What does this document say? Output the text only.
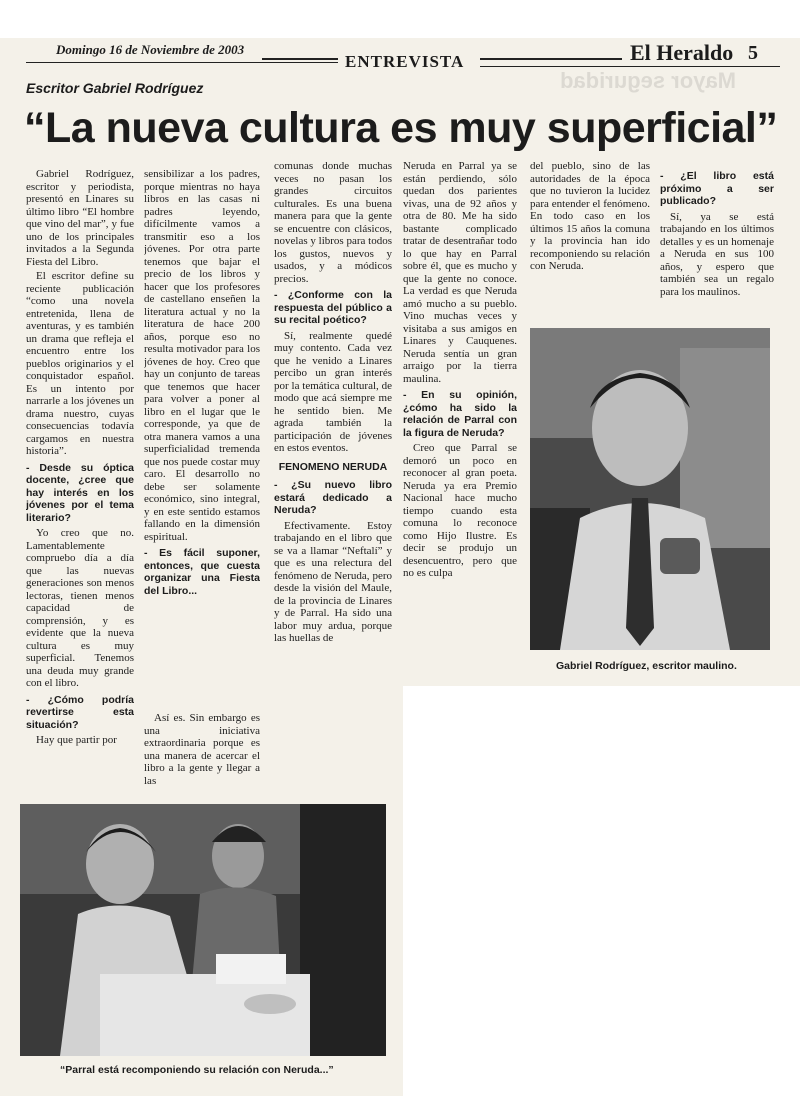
Mayor seguridad
Domingo 16 de Noviembre de 2003
ENTREVISTA	El Heraldo 5
Escritor Gabriel Rodríguez
“La nueva cultura es muy superficial”

Gabriel Rodríguez, escritor y periodista, presentó en Linares su último libro “El hombre que vino del mar”, y fue uno de los principales invitados a la Segunda Fiesta del Libro.

El escritor define su reciente publicación “como una novela entretenida, llena de aventuras, y es también un drama que refleja el encuentro entre los pueblos originarios y el conquistador español. Es un intento por narrarle a los jóvenes un drama nuestro, cuyas consecuencias todavía cargamos en nuestra historia”.

- Desde su óptica docente, ¿cree que hay interés en los jóvenes por el tema literario?

Yo creo que no. Lamentablemente compruebo día a día que las nuevas generaciones son menos lectoras, tienen menos capacidad de comprensión, y es evidente que la nueva cultura es muy superficial. Tenemos una deuda muy grande con el libro.

- ¿Cómo podría revertirse esta situación?

Hay que partir por

sensibilizar a los padres, porque mientras no haya libros en las casas ni padres leyendo, difícilmente vamos a transmitir eso a los jóvenes. Por otra parte tenemos que bajar el precio de los libros y hacer que los profesores de castellano enseñen la literatura actual y no la literatura de hace 200 años, porque eso no resulta motivador para los jóvenes de hoy. Creo que hay un conjunto de tareas que tenemos que hacer para volver a poner al libro en el lugar que le corresponde, ya que de otra manera vamos a una superficialidad tremenda que nos puede costar muy caro. El desarrollo no debe ser solamente económico, sino integral, y en este sentido estamos fallando en la dimensión espiritual.

- Es fácil suponer, entonces, que cuesta organizar una Fiesta del Libro...

Así es. Sin embargo es una iniciativa extraordinaria porque es una manera de acercar el libro a la gente y llegar a las

comunas donde muchas veces no pasan los grandes circuitos culturales. Es una buena manera para que la gente se encuentre con clásicos, novelas y libros para todos los gustos, nuevos y usados, y a módicos precios.

- ¿Conforme con la respuesta del público a su recital poético?

Sí, realmente quedé muy contento. Cada vez que he venido a Linares percibo un gran interés por la temática cultural, de modo que acá siempre me he sentido bien. Me agrada también la participación de jóvenes en estos eventos.

FENOMENO NERUDA

- ¿Su nuevo libro estará dedicado a Neruda?

Efectivamente. Estoy trabajando en el libro que se va a llamar “Neftalí” y que es una relectura del fenómeno de Neruda, pero desde la visión del Maule, de la provincia de Linares y de Parral. Ha sido una labor muy ardua, porque las huellas de

Neruda en Parral ya se están perdiendo, sólo quedan dos parientes vivas, una de 92 años y otra de 80. Me ha sido bastante complicado tratar de desentrañar todo lo que hay en Parral sobre él, que es mucho y que la gente no conoce. La verdad es que Neruda amó mucho a su pueblo. Vino muchas veces y visitaba a sus amigos en Linares y Cauquenes. Neruda sentía un gran arraigo por la tierra maulina.

- En su opinión, ¿cómo ha sido la relación de Parral con la figura de Neruda?

Creo que Parral se demoró un poco en reconocer al gran poeta. Neruda ya era Premio Nacional hace mucho tiempo cuando esta comuna lo reconoce como Hijo Ilustre. Es decir se produjo un desencuentro, pero que no es culpa

del pueblo, sino de las autoridades de la época que no tuvieron la lucidez para entender el fenómeno. En todo caso en los últimos 15 años la comuna y la provincia han ido recomponiendo su relación con Neruda.

- ¿El libro está próximo a ser publicado?

Sí, ya se está trabajando en los últimos detalles y es un homenaje a Neruda en sus 100 años, y espero que también sea un regalo para los maulinos.

Gabriel Rodríguez, escritor maulino.
“Parral está recomponiendo su relación con Neruda...”
